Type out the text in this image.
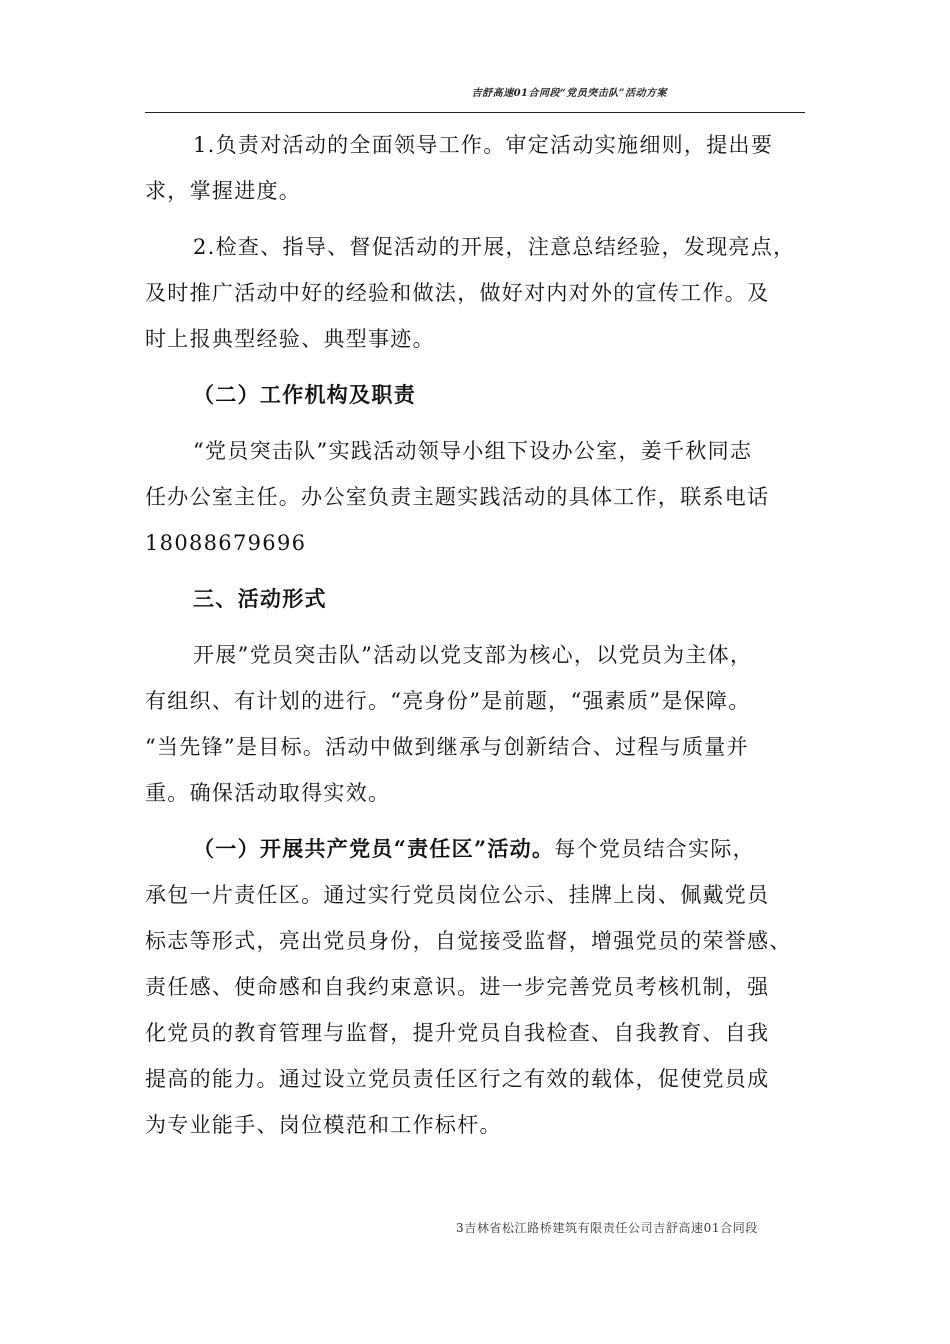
吉舒高速01合同段“党员突击队”活动方案
1.负责对活动的全面领导工作。审定活动实施细则，提出要
求，掌握进度。
2.检查、指导、督促活动的开展，注意总结经验，发现亮点，
及时推广活动中好的经验和做法，做好对内对外的宣传工作。及
时上报典型经验、典型事迹。
（二）工作机构及职责
“党员突击队”实践活动领导小组下设办公室，姜千秋同志
任办公室主任。办公室负责主题实践活动的具体工作，联系电话
18088679696
三、活动形式
开展”党员突击队”活动以党支部为核心，以党员为主体，
有组织、有计划的进行。“亮身份”是前题，“强素质”是保障。
“当先锋”是目标。活动中做到继承与创新结合、过程与质量并
重。确保活动取得实效。
（一）开展共产党员“责任区”活动。每个党员结合实际，
承包一片责任区。通过实行党员岗位公示、挂牌上岗、佩戴党员
标志等形式，亮出党员身份，自觉接受监督，增强党员的荣誉感、
责任感、使命感和自我约束意识。进一步完善党员考核机制，强
化党员的教育管理与监督，提升党员自我检查、自我教育、自我
提高的能力。通过设立党员责任区行之有效的载体，促使党员成
为专业能手、岗位模范和工作标杆。
3吉林省松江路桥建筑有限责任公司吉舒高速01合同段
